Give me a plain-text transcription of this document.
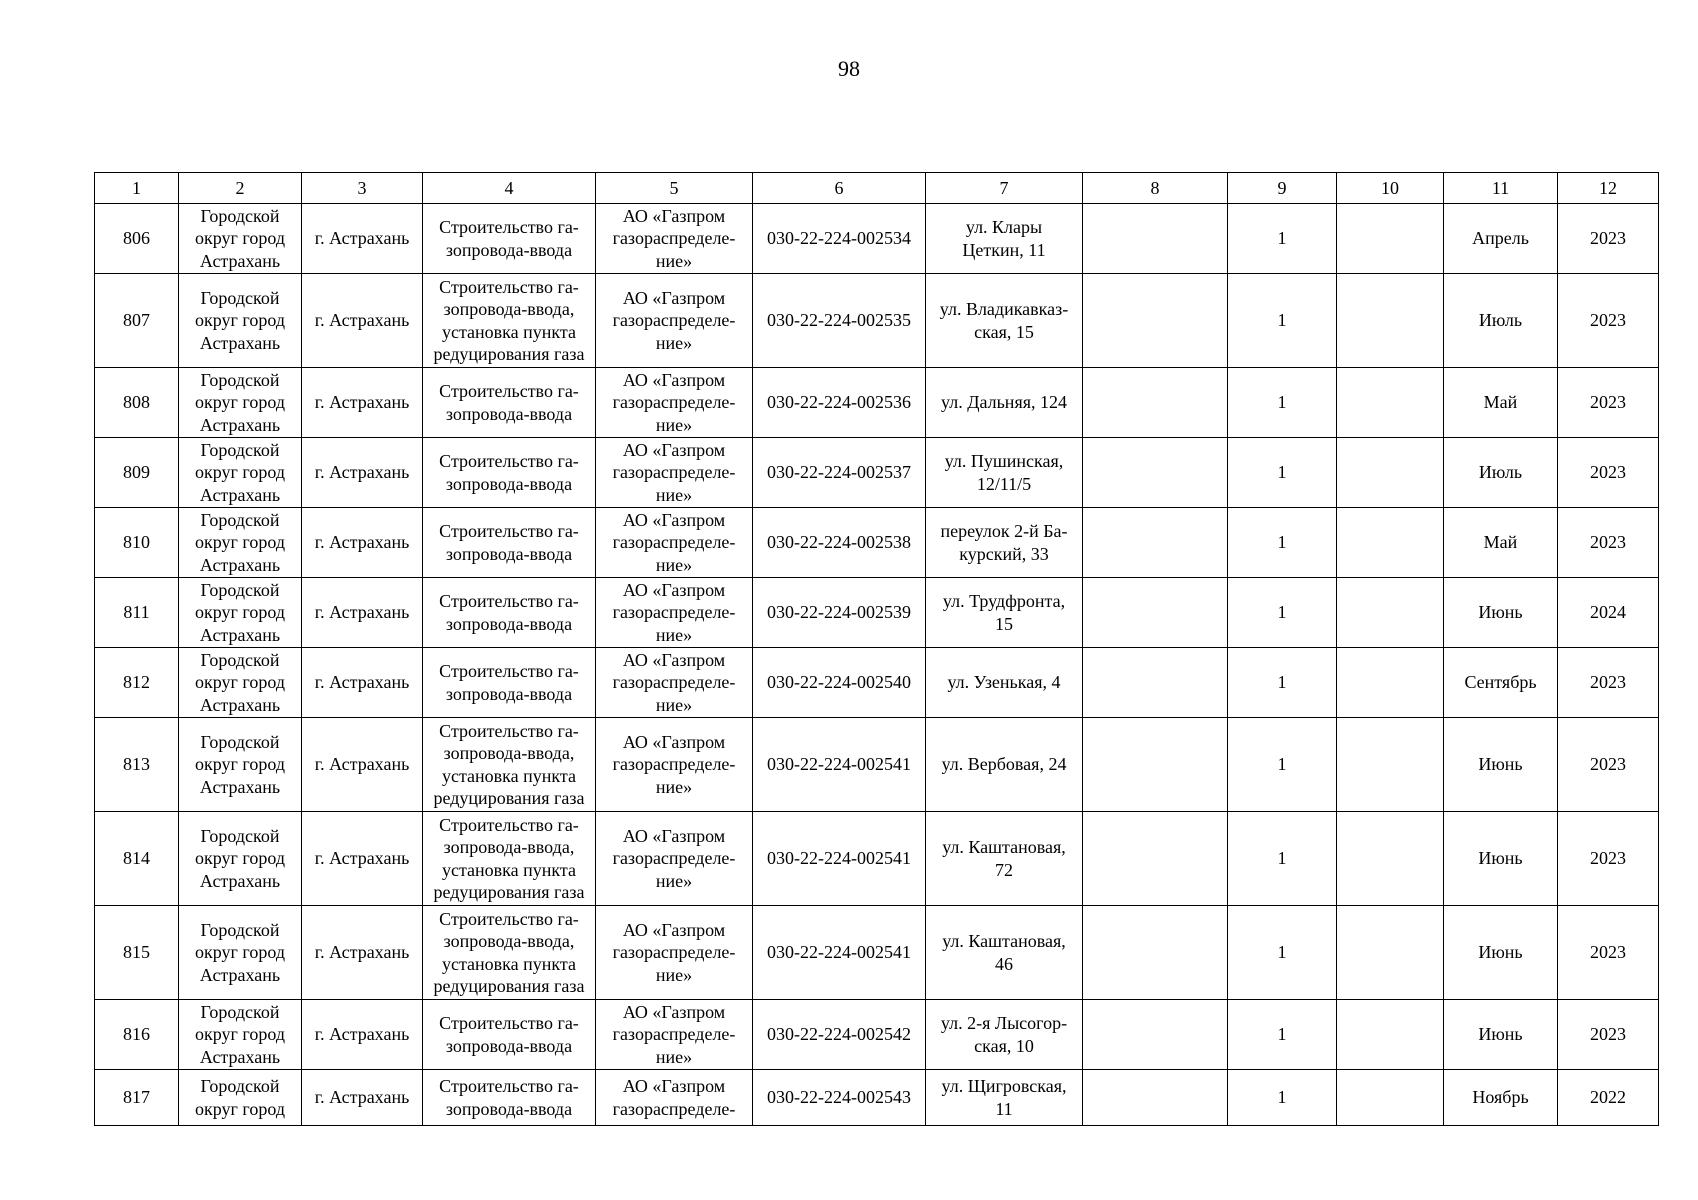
98
1	2	3	4	5	6	7	8	9	10	11	12
806	Городской
округ город
Астрахань	г. Астрахань	Строительство га-
зопровода-ввода	АО «Газпром
газораспределе-
ние»	030-22-224-002534	ул. Клары
Цеткин, 11		1		Апрель	2023
807	Городской
округ город
Астрахань	г. Астрахань	Строительство га-
зопровода-ввода,
установка пункта
редуцирования газа	АО «Газпром
газораспределе-
ние»	030-22-224-002535	ул. Владикавказ-
ская, 15		1		Июль	2023
808	Городской
округ город
Астрахань	г. Астрахань	Строительство га-
зопровода-ввода	АО «Газпром
газораспределе-
ние»	030-22-224-002536	ул. Дальняя, 124		1		Май	2023
809	Городской
округ город
Астрахань	г. Астрахань	Строительство га-
зопровода-ввода	АО «Газпром
газораспределе-
ние»	030-22-224-002537	ул. Пушинская,
12/11/5		1		Июль	2023
810	Городской
округ город
Астрахань	г. Астрахань	Строительство га-
зопровода-ввода	АО «Газпром
газораспределе-
ние»	030-22-224-002538	переулок 2-й Ба-
курский, 33		1		Май	2023
811	Городской
округ город
Астрахань	г. Астрахань	Строительство га-
зопровода-ввода	АО «Газпром
газораспределе-
ние»	030-22-224-002539	ул. Трудфронта,
15		1		Июнь	2024
812	Городской
округ город
Астрахань	г. Астрахань	Строительство га-
зопровода-ввода	АО «Газпром
газораспределе-
ние»	030-22-224-002540	ул. Узенькая, 4		1		Сентябрь	2023
813	Городской
округ город
Астрахань	г. Астрахань	Строительство га-
зопровода-ввода,
установка пункта
редуцирования газа	АО «Газпром
газораспределе-
ние»	030-22-224-002541	ул. Вербовая, 24		1		Июнь	2023
814	Городской
округ город
Астрахань	г. Астрахань	Строительство га-
зопровода-ввода,
установка пункта
редуцирования газа	АО «Газпром
газораспределе-
ние»	030-22-224-002541	ул. Каштановая,
72		1		Июнь	2023
815	Городской
округ город
Астрахань	г. Астрахань	Строительство га-
зопровода-ввода,
установка пункта
редуцирования газа	АО «Газпром
газораспределе-
ние»	030-22-224-002541	ул. Каштановая,
46		1		Июнь	2023
816	Городской
округ город
Астрахань	г. Астрахань	Строительство га-
зопровода-ввода	АО «Газпром
газораспределе-
ние»	030-22-224-002542	ул. 2-я Лысогор-
ская, 10		1		Июнь	2023
817	Городской
округ город	г. Астрахань	Строительство га-
зопровода-ввода	АО «Газпром
газораспределе-	030-22-224-002543	ул. Щигровская,
11		1		Ноябрь	2022
